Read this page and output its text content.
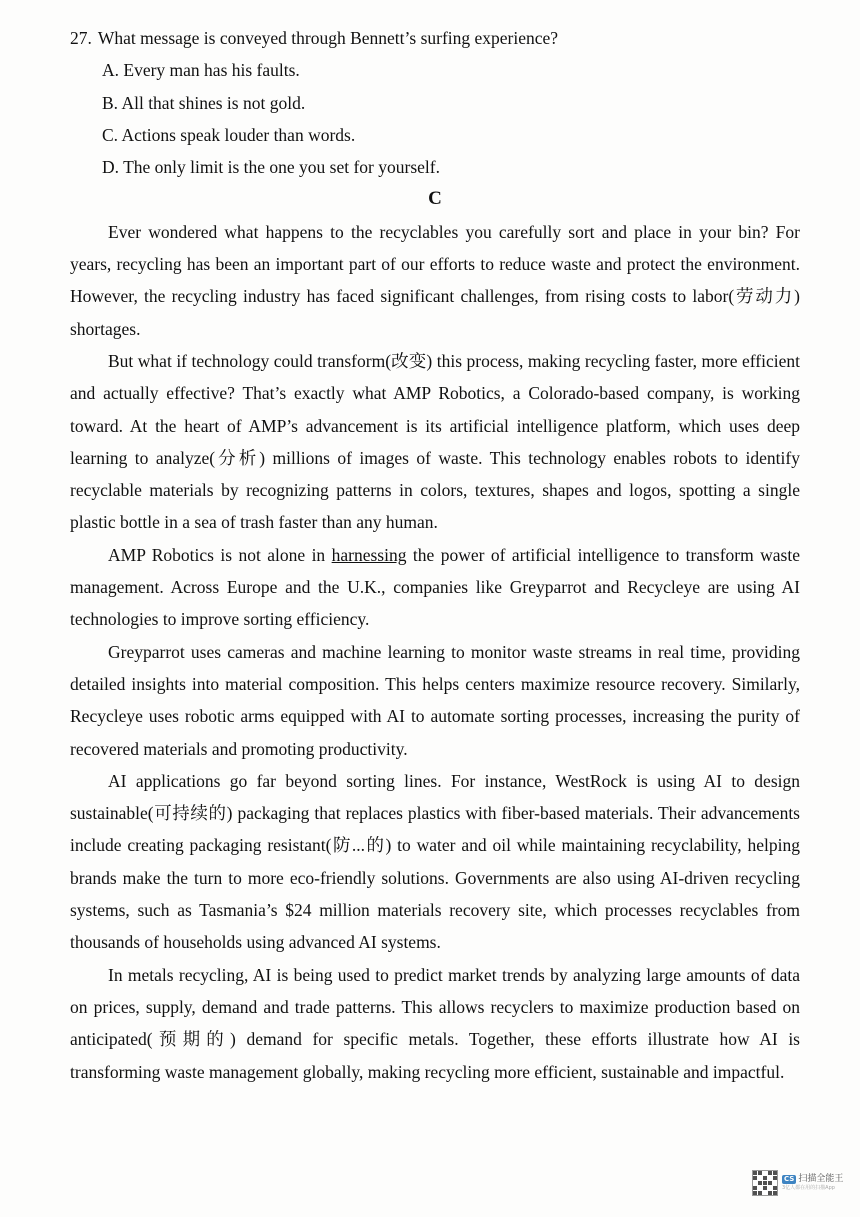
27. What message is conveyed through Bennett’s surfing experience?

A. Every man has his faults.

B. All that shines is not gold.

C. Actions speak louder than words.

D. The only limit is the one you set for yourself.

C

Ever wondered what happens to the recyclables you carefully sort and place in your bin? For years, recycling has been an important part of our efforts to reduce waste and protect the environment. However, the recycling industry has faced significant challenges, from rising costs to labor(劳动力) shortages.

But what if technology could transform(改变) this process, making recycling faster, more efficient and actually effective? That’s exactly what AMP Robotics, a Colorado-based company, is working toward. At the heart of AMP’s advancement is its artificial intelligence platform, which uses deep learning to analyze(分析) millions of images of waste. This technology enables robots to identify recyclable materials by recognizing patterns in colors, textures, shapes and logos, spotting a single plastic bottle in a sea of trash faster than any human.

AMP Robotics is not alone in harnessing the power of artificial intelligence to transform waste management. Across Europe and the U.K., companies like Greyparrot and Recycleye are using AI technologies to improve sorting efficiency.

Greyparrot uses cameras and machine learning to monitor waste streams in real time, providing detailed insights into material composition. This helps centers maximize resource recovery. Similarly, Recycleye uses robotic arms equipped with AI to automate sorting processes, increasing the purity of recovered materials and promoting productivity.

AI applications go far beyond sorting lines. For instance, WestRock is using AI to design sustainable(可持续的) packaging that replaces plastics with fiber-based materials. Their advancements include creating packaging resistant(防...的) to water and oil while maintaining recyclability, helping brands make the turn to more eco-friendly solutions. Governments are also using AI-driven recycling systems, such as Tasmania’s $24 million materials recovery site, which processes recyclables from thousands of households using advanced AI systems.

In metals recycling, AI is being used to predict market trends by analyzing large amounts of data on prices, supply, demand and trade patterns. This allows recyclers to maximize production based on anticipated(预期的) demand for specific metals. Together, these efforts illustrate how AI is transforming waste management globally, making recycling more efficient, sustainable and impactful.

CS 扫描全能王
3亿人都在用的扫描App
